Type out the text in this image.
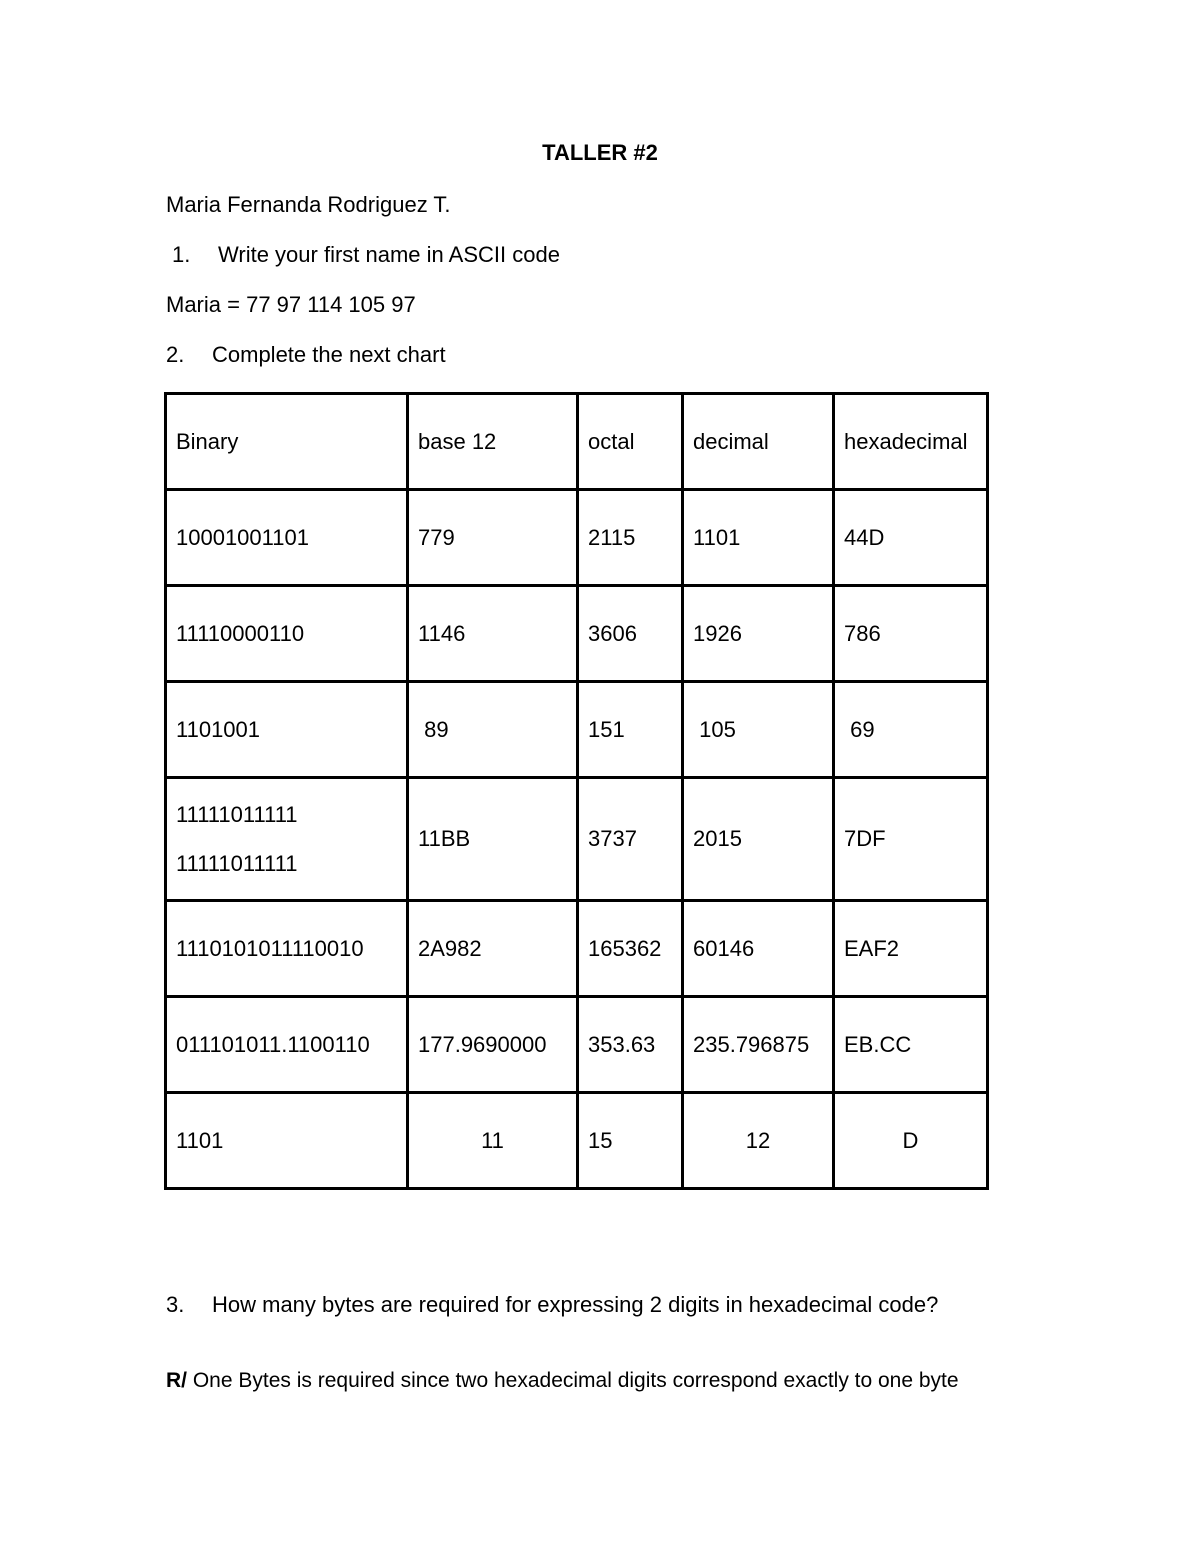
TALLER #2
Maria Fernanda Rodriguez T.
1. Write your first name in ASCII code
Maria = 77 97 114 105 97
2. Complete the next chart
Binary	base 12	octal	decimal	hexadecimal
10001001101	779	2115	1101	44D
11110000110	1146	3606	1926	786
1101001	89	151	105	69

11111011111
11111011111	11BB	3737	2015	7DF
1110101011110010	2A982	165362	60146	EAF2
011101011.1100110	177.9690000	353.63	235.796875	EB.CC
1101	11	15	12	D
3. How many bytes are required for expressing 2 digits in hexadecimal code?
R/ One Bytes is required since two hexadecimal digits correspond exactly to one byte
